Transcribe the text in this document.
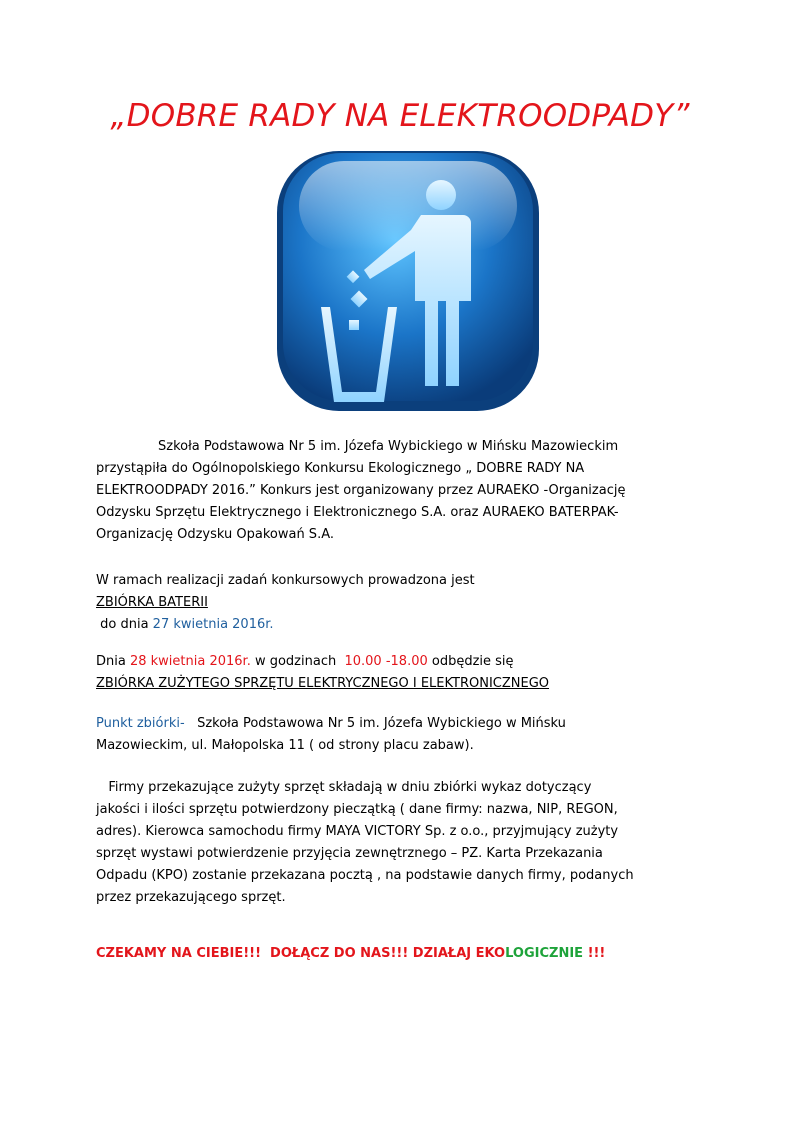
„DOBRE RADY NA ELEKTROODPADY”
Szkoła Podstawowa Nr 5 im. Józefa Wybickiego w Mińsku Mazowieckim
przystąpiła do Ogólnopolskiego Konkursu Ekologicznego „ DOBRE RADY NA
ELEKTROODPADY 2016.” Konkurs jest organizowany przez AURAEKO -Organizację
Odzysku Sprzętu Elektrycznego i Elektronicznego S.A. oraz AURAEKO BATERPAK-
Organizację Odzysku Opakowań S.A.
W ramach realizacji zadań konkursowych prowadzona jest
ZBIÓRKA BATERII
do dnia 27 kwietnia 2016r.
Dnia 28 kwietnia 2016r. w godzinach  10.00 -18.00 odbędzie się
ZBIÓRKA ZUŻYTEGO SPRZĘTU ELEKTRYCZNEGO I ELEKTRONICZNEGO
Punkt zbiórki-   Szkoła Podstawowa Nr 5 im. Józefa Wybickiego w Mińsku
Mazowieckim, ul. Małopolska 11 ( od strony placu zabaw).
Firmy przekazujące zużyty sprzęt składają w dniu zbiórki wykaz dotyczący
jakości i ilości sprzętu potwierdzony pieczątką ( dane firmy: nazwa, NIP, REGON,
adres). Kierowca samochodu firmy MAYA VICTORY Sp. z o.o., przyjmujący zużyty
sprzęt wystawi potwierdzenie przyjęcia zewnętrznego – PZ. Karta Przekazania
Odpadu (KPO) zostanie przekazana pocztą , na podstawie danych firmy, podanych
przez przekazującego sprzęt.
CZEKAMY NA CIEBIE!!!  DOŁĄCZ DO NAS!!! DZIAŁAJ EKOLOGICZNIE !!!
